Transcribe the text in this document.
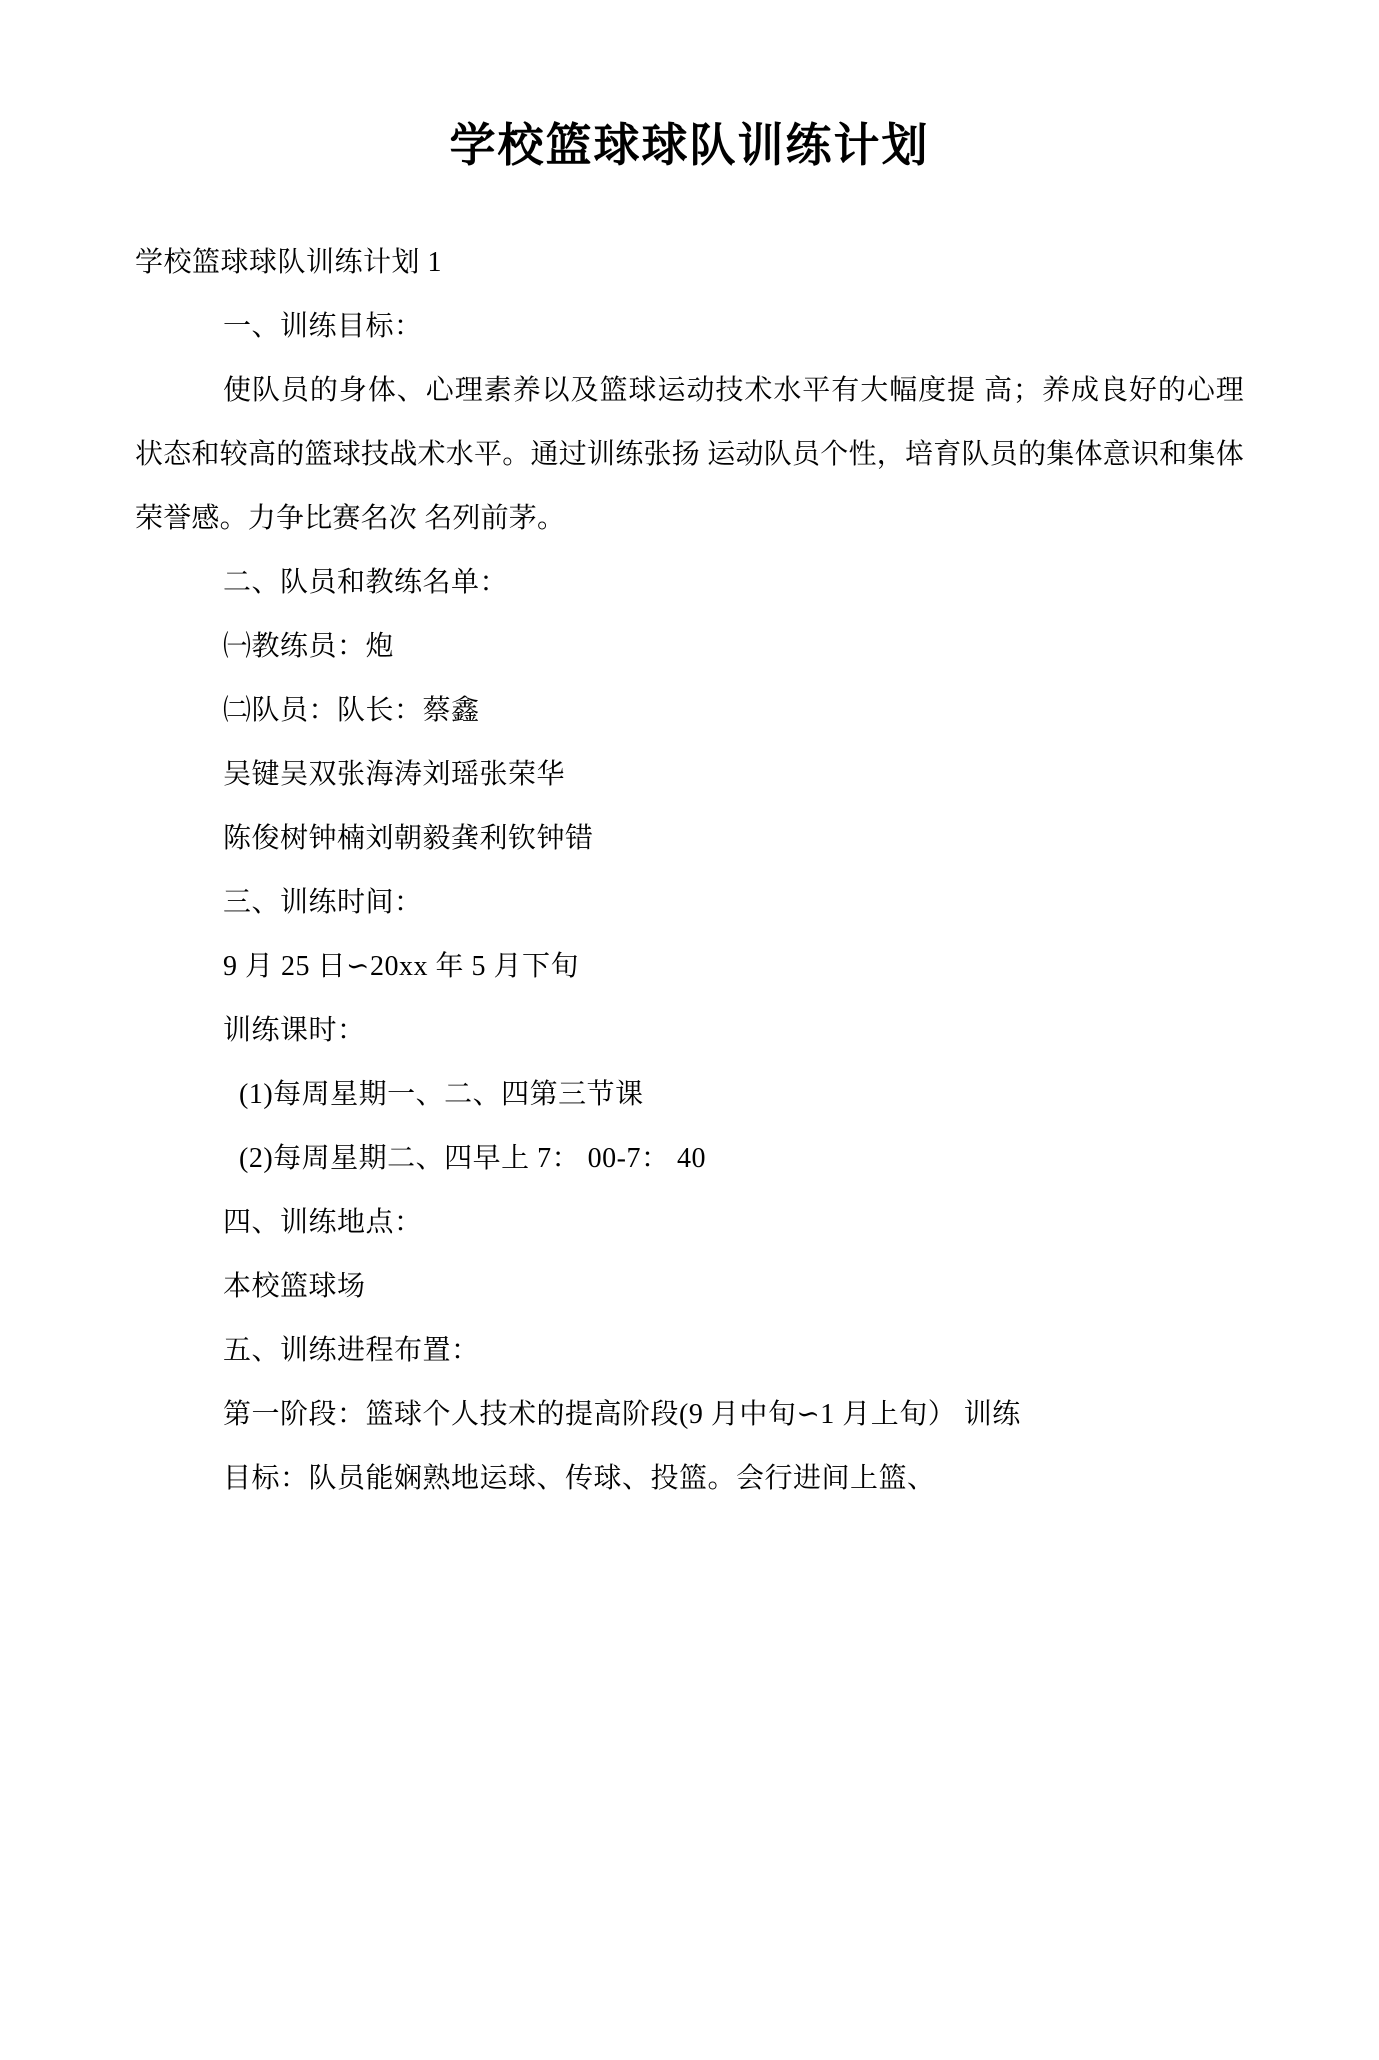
学校篮球球队训练计划

学校篮球球队训练计划 1

一、训练目标：

使队员的身体、心理素养以及篮球运动技术水平有大幅度提 高；养成良好的心理状态和较高的篮球技战术水平。通过训练张扬 运动队员个性，培育队员的集体意识和集体荣誉感。力争比赛名次 名列前茅。

二、队员和教练名单：

㈠教练员：炮

㈡队员：队长：蔡鑫

吴键吴双张海涛刘瑶张荣华

陈俊树钟楠刘朝毅龚利钦钟错

三、训练时间：

9 月 25 日∽20xx 年 5 月下旬

训练课时：

(1)每周星期一、二、四第三节课

(2)每周星期二、四早上 7： 00-7： 40

四、训练地点：

本校篮球场

五、训练进程布置：

第一阶段：篮球个人技术的提高阶段(9 月中旬∽1 月上旬） 训练

目标：队员能娴熟地运球、传球、投篮。会行进间上篮、
